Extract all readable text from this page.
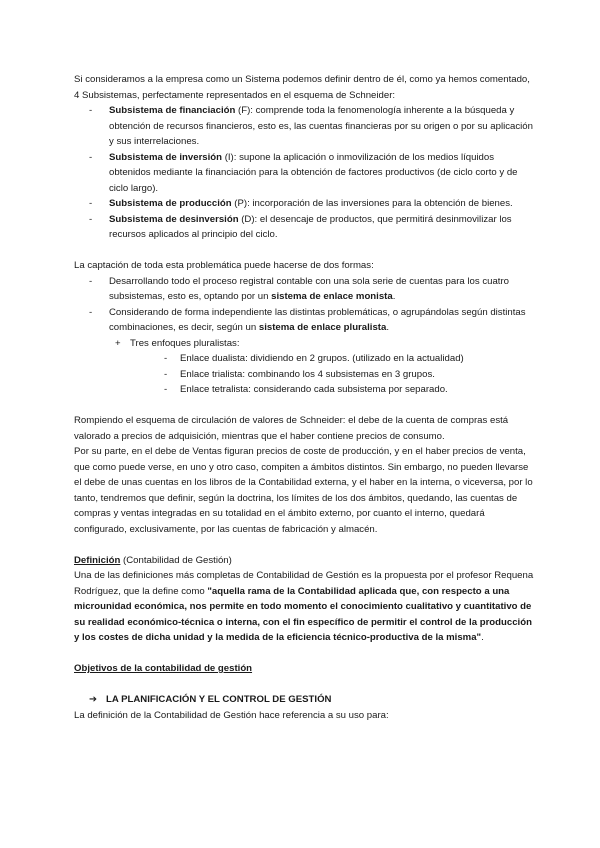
Si consideramos a la empresa como un Sistema podemos definir dentro de él, como ya hemos comentado, 4 Subsistemas, perfectamente representados en el esquema de Schneider:

- Subsistema de financiación (F): comprende toda la fenomenología inherente a la búsqueda y obtención de recursos financieros, esto es, las cuentas financieras por su origen o por su aplicación y sus interrelaciones.
- Subsistema de inversión (I): supone la aplicación o inmovilización de los medios líquidos obtenidos mediante la financiación para la obtención de factores productivos (de ciclo corto y de ciclo largo).
- Subsistema de producción (P): incorporación de las inversiones para la obtención de bienes.
- Subsistema de desinversión (D): el desencaje de productos, que permitirá desinmovilizar los recursos aplicados al principio del ciclo.

La captación de toda esta problemática puede hacerse de dos formas:

- Desarrollando todo el proceso registral contable con una sola serie de cuentas para los cuatro subsistemas, esto es, optando por un sistema de enlace monista.
- Considerando de forma independiente las distintas problemáticas, o agrupándolas según distintas combinaciones, es decir, según un sistema de enlace pluralista.
+ Tres enfoques pluralistas:
- Enlace dualista: dividiendo en 2 grupos. (utilizado en la actualidad)
- Enlace trialista: combinando los 4 subsistemas en 3 grupos.
- Enlace tetralista: considerando cada subsistema por separado.

Rompiendo el esquema de circulación de valores de Schneider: el debe de la cuenta de compras está valorado a precios de adquisición, mientras que el haber contiene precios de consumo.

Por su parte, en el debe de Ventas figuran precios de coste de producción, y en el haber precios de venta, que como puede verse, en uno y otro caso, compiten a ámbitos distintos. Sin embargo, no pueden llevarse el debe de unas cuentas en los libros de la Contabilidad externa, y el haber en la interna, o viceversa, por lo tanto, tendremos que definir, según la doctrina, los límites de los dos ámbitos, quedando, las cuentas de compras y ventas integradas en su totalidad en el ámbito externo, por cuanto el interno, quedará configurado, exclusivamente, por las cuentas de fabricación y almacén.

Definición (Contabilidad de Gestión)

Una de las definiciones más completas de Contabilidad de Gestión es la propuesta por el profesor Requena Rodríguez, que la define como "aquella rama de la Contabilidad aplicada que, con respecto a una microunidad económica, nos permite en todo momento el conocimiento cualitativo y cuantitativo de su realidad económico-técnica o interna, con el fin específico de permitir el control de la producción y los costes de dicha unidad y la medida de la eficiencia técnico-productiva de la misma".

Objetivos de la contabilidad de gestión

➔ LA PLANIFICACIÓN Y EL CONTROL DE GESTIÓN

La definición de la Contabilidad de Gestión hace referencia a su uso para:
